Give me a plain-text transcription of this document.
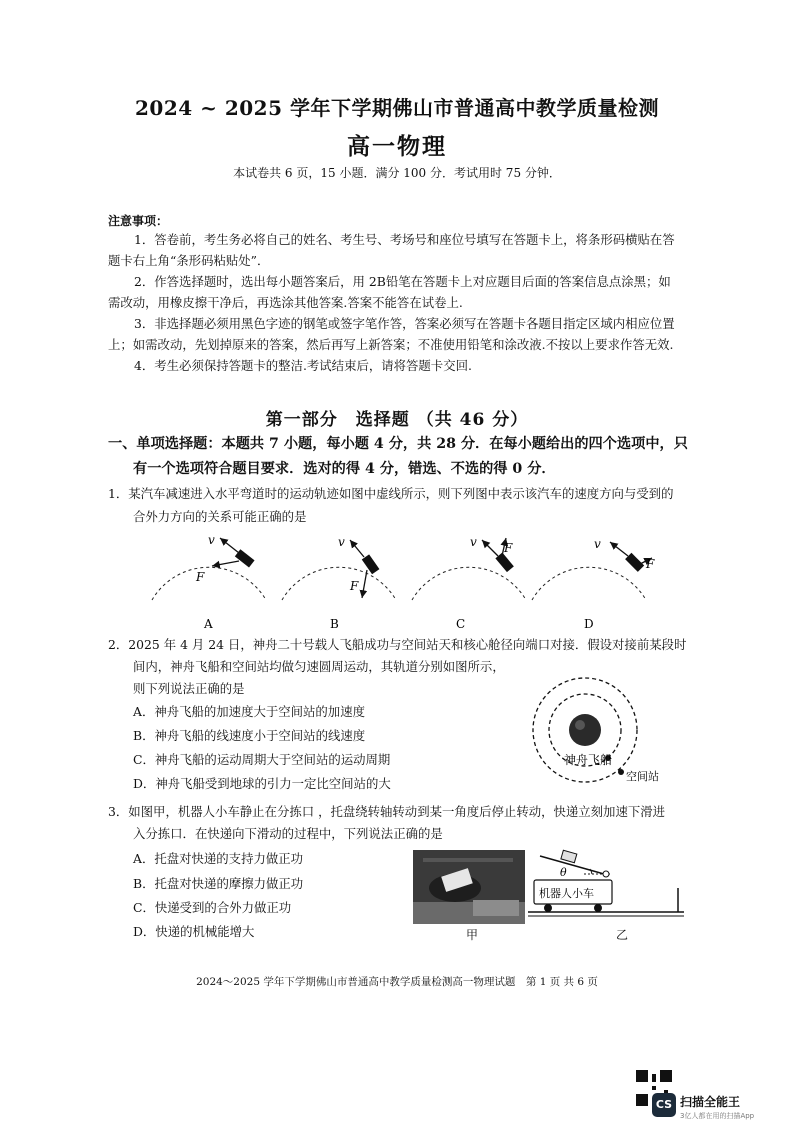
2024 ~ 2025 学年下学期佛山市普通高中教学质量检测
高一物理
本试卷共 6 页，15 小题．满分 100 分．考试用时 75 分钟．
注意事项：
1．答卷前，考生务必将自己的姓名、考生号、考场号和座位号填写在答题卡上，将条形码横贴在答
题卡右上角“条形码粘贴处”．
2．作答选择题时，选出每小题答案后，用 2B铅笔在答题卡上对应题目后面的答案信息点涂黑；如
需改动，用橡皮擦干净后，再选涂其他答案.答案不能答在试卷上.
3．非选择题必须用黑色字迹的钢笔或签字笔作答，答案必须写在答题卡各题目指定区域内相应位置
上；如需改动，先划掉原来的答案，然后再写上新答案；不准使用铅笔和涂改液.不按以上要求作答无效.
4．考生必须保持答题卡的整洁.考试结束后，请将答题卡交回.
第一部分　选择题 （共 46 分）
一、单项选择题：本题共 7 小题，每小题 4 分，共 28 分．在每小题给出的四个选项中，只
有一个选项符合题目要求．选对的得 4 分，错选、不选的得 0 分．
1．某汽车减速进入水平弯道时的运动轨迹如图中虚线所示，则下列图中表示该汽车的速度方向与受到的
合外力方向的关系可能正确的是
v
F
A
v
F
B
v F
C
v
F
D
2．2025 年 4 月 24 日，神舟二十号载人飞船成功与空间站天和核心舱径向端口对接．假设对接前某段时
间内，神舟飞船和空间站均做匀速圆周运动，其轨道分别如图所示，
则下列说法正确的是
A．神舟飞船的加速度大于空间站的加速度
B．神舟飞船的线速度小于空间站的线速度
C．神舟飞船的运动周期大于空间站的运动周期
D．神舟飞船受到地球的引力一定比空间站的大
神舟飞船
空间站
3．如图甲，机器人小车静止在分拣口 ，托盘绕转轴转动到某一角度后停止转动，快递立刻加速下滑进
入分拣口．在快递向下滑动的过程中，下列说法正确的是
A．托盘对快递的支持力做正功
B．托盘对快递的摩擦力做正功
C．快递受到的合外力做正功
D．快递的机械能增大	甲
θ
机器人小车
乙
2024～2025 学年下学期佛山市普通高中教学质量检测高一物理试题　第 1 页 共 6 页
CS 扫描全能王
3亿人都在用的扫描App
